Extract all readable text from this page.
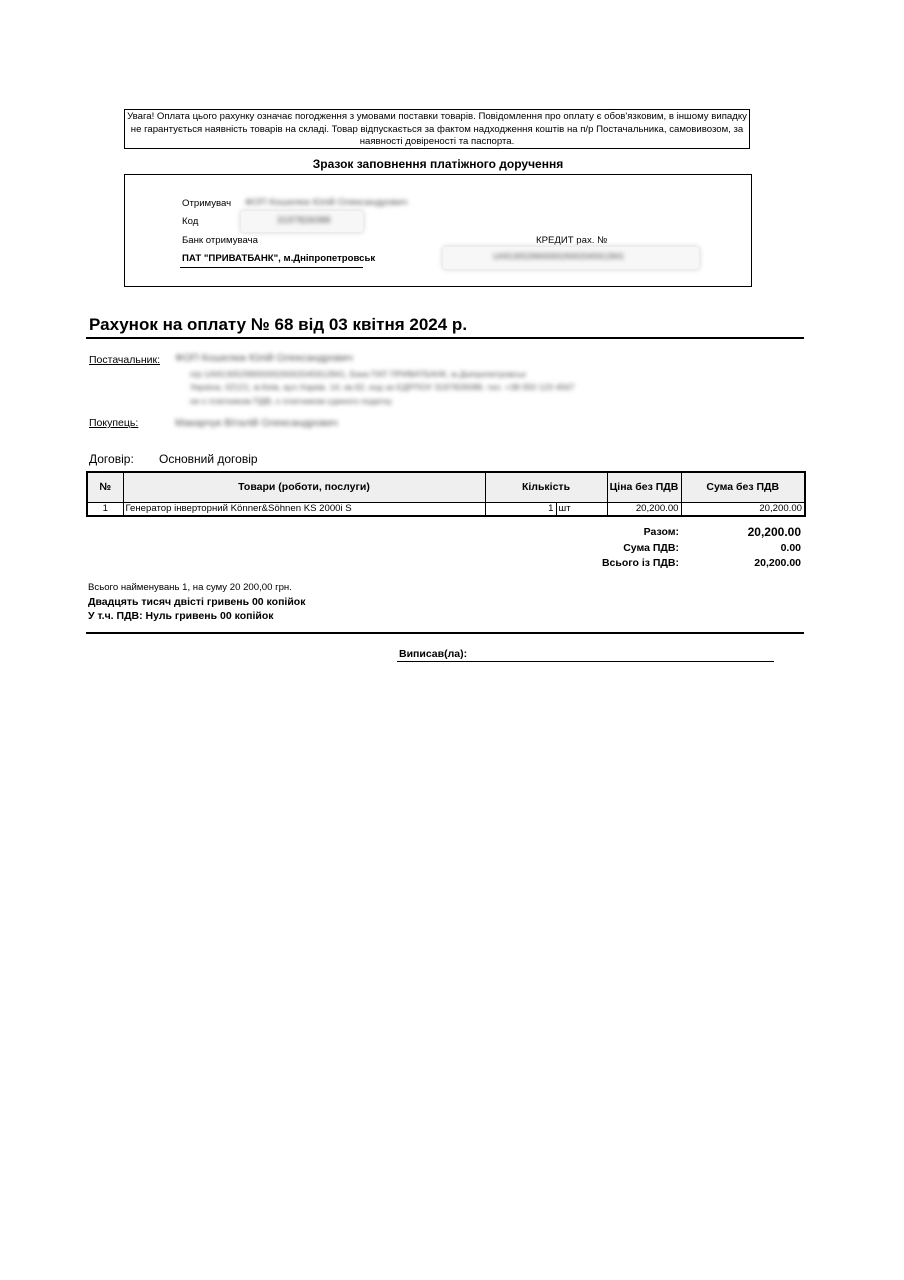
Увага! Оплата цього рахунку означає погодження з умовами поставки товарів. Повідомлення про оплату є обов'язковим, в іншому випадку
не гарантується наявність товарів на складі. Товар відпускається за фактом надходження коштів на п/р Постачальника, самовивозом, за
наявності довіреності та паспорта.
Зразок заповнення платіжного доручення
Отримувач ФОП Кошелюк Юлій Олександрович
Код	3197826088
Банк отримувача
ПАТ "ПРИВАТБАНК", м.Дніпропетровськ
КРЕДИТ рах. №
UA913052990000026002045912841
Рахунок на оплату № 68 від 03 квітня 2024 р.
Постачальник: ФОП Кошелюк Юлій Олександрович
п/р UA913052990000026002045912841, Банк ПАТ ПРИВАТБАНК, м.Дніпропетровськ
Україна, 02121, м.Київ, вул.Харків. 14, кв.62, код за ЄДРПОУ 3197826088, тел. +38 050 123 4567
не є платником ПДВ, є платником єдиного податку
Покупець:	Макарчук Віталій Олександрович
Договір: Основний договір
№	Товари (роботи, послуги)	Кількість		Ціна без ПДВ	Сума без ПДВ
1	Генератор інверторний Könner&Söhnen KS 2000i S	1	шт	20,200.00	20,200.00
Разом:	20,200.00
Сума ПДВ:	0.00
Всього із ПДВ:	20,200.00
Всього найменувань 1, на суму 20 200,00 грн.
Двадцять тисяч двісті гривень 00 копійок
У т.ч. ПДВ: Нуль гривень 00 копійок
Виписав(ла):
